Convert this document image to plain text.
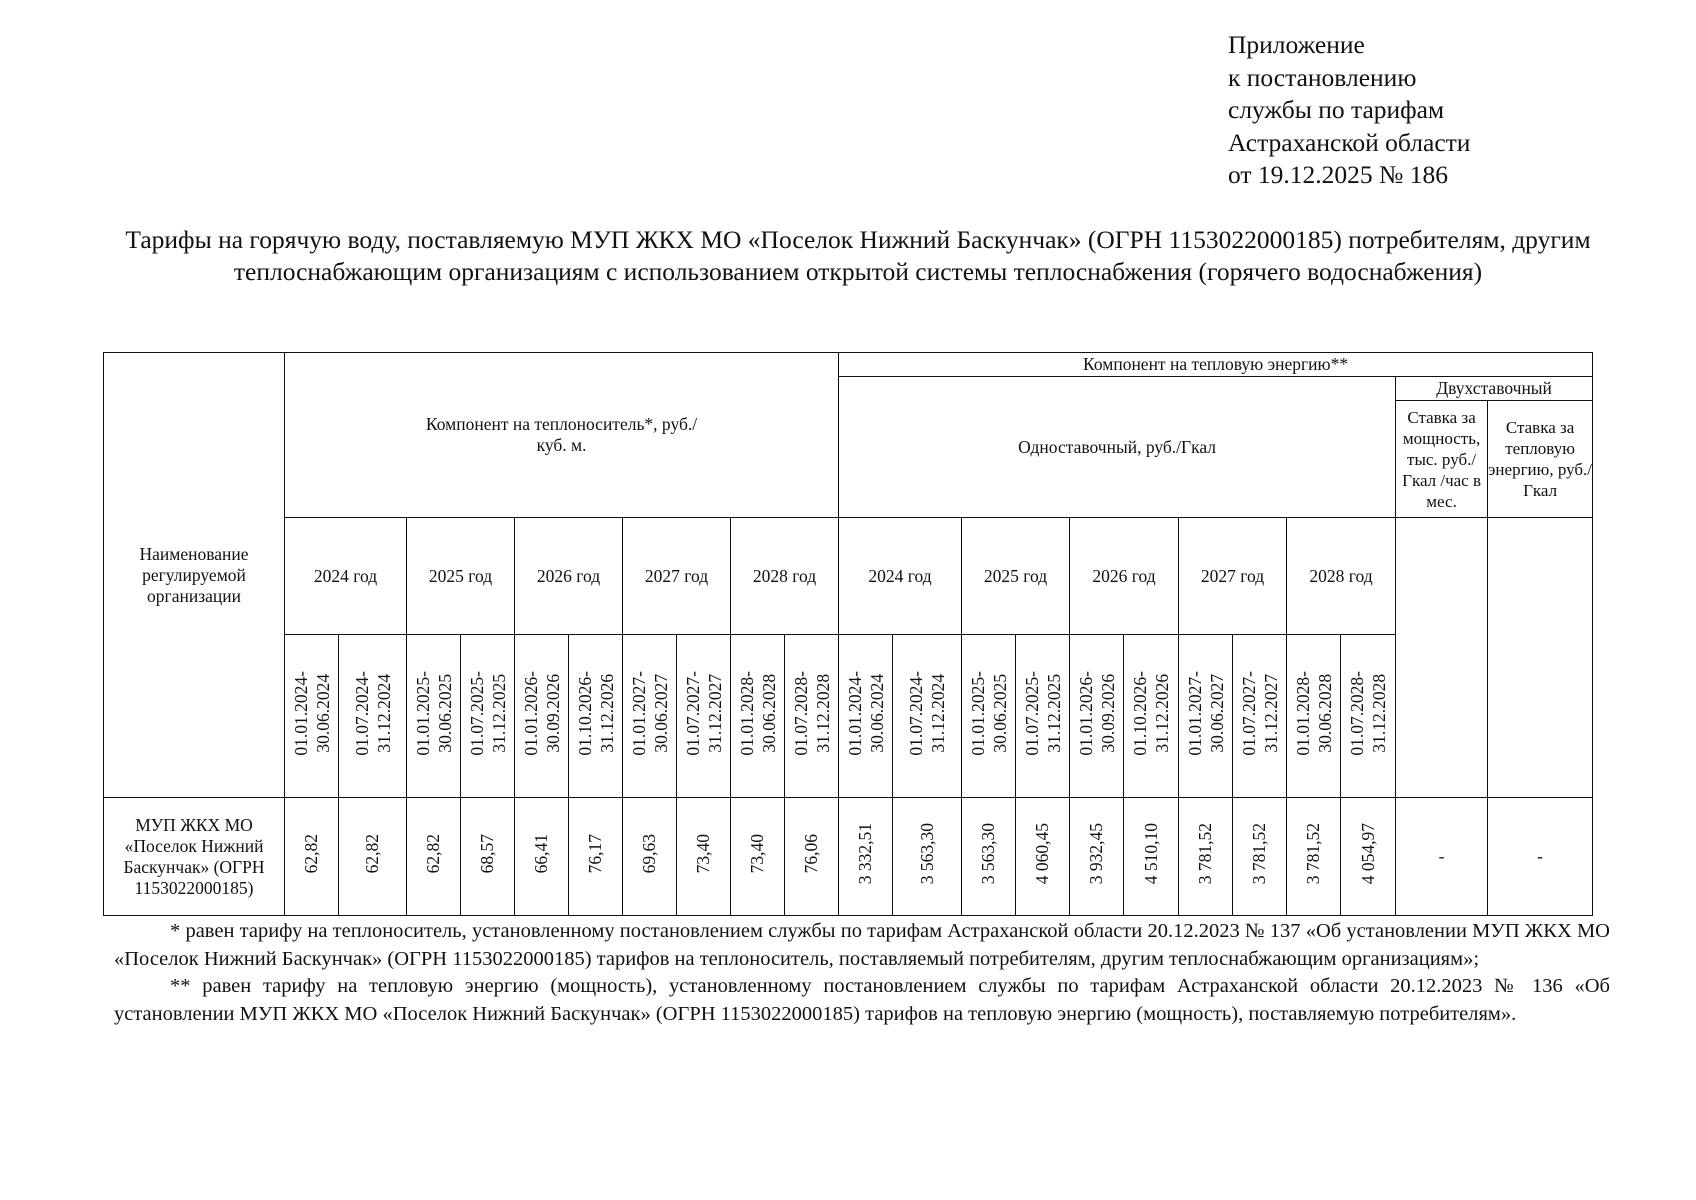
Приложение
к постановлению
службы по тарифам
Астраханской области
от 19.12.2025 № 186
Тарифы на горячую воду, поставляемую МУП ЖКХ МО «Поселок Нижний Баскунчак» (ОГРН 1153022000185) потребителям, другим теплоснабжающим организациям с использованием открытой системы теплоснабжения (горячего водоснабжения)
Наименование регулируемой организации	Компонент на теплоноситель*, руб./куб. м.										Компонент на тепловую энергию**											
											Одноставочный, руб./Гкал										Двухставочный	
																					Ставка за мощность, тыс. руб./Гкал /час в мес.	Ставка за тепловую энергию, руб./Гкал
	2024 год		2025 год		2026 год		2027 год		2028 год		2024 год		2025 год		2026 год		2027 год		2028 год			
	01.01.2024- 30.06.2024	01.07.2024- 31.12.2024	01.01.2025- 30.06.2025	01.07.2025- 31.12.2025	01.01.2026- 30.09.2026	01.10.2026- 31.12.2026	01.01.2027- 30.06.2027	01.07.2027- 31.12.2027	01.01.2028- 30.06.2028	01.07.2028- 31.12.2028	01.01.2024- 30.06.2024	01.07.2024- 31.12.2024	01.01.2025- 30.06.2025	01.07.2025- 31.12.2025	01.01.2026- 30.09.2026	01.10.2026- 31.12.2026	01.01.2027- 30.06.2027	01.07.2027- 31.12.2027	01.01.2028- 30.06.2028	01.07.2028- 31.12.2028		
МУП ЖКХ МО «Поселок Нижний Баскунчак» (ОГРН 1153022000185)	62,82	62,82	62,82	68,57	66,41	76,17	69,63	73,40	73,40	76,06	3 332,51	3 563,30	3 563,30	4 060,45	3 932,45	4 510,10	3 781,52	3 781,52	3 781,52	4 054,97	-	-

* равен тарифу на теплоноситель, установленному постановлением службы по тарифам Астраханской области 20.12.2023 № 137 «Об установлении МУП ЖКХ МО «Поселок Нижний Баскунчак» (ОГРН 1153022000185) тарифов на теплоноситель, поставляемый потребителям, другим теплоснабжающим организациям»;

** равен тарифу на тепловую энергию (мощность), установленному постановлением службы по тарифам Астраханской области 20.12.2023 № 136 «Об установлении МУП ЖКХ МО «Поселок Нижний Баскунчак» (ОГРН 1153022000185) тарифов на тепловую энергию (мощность), поставляемую потребителям».
